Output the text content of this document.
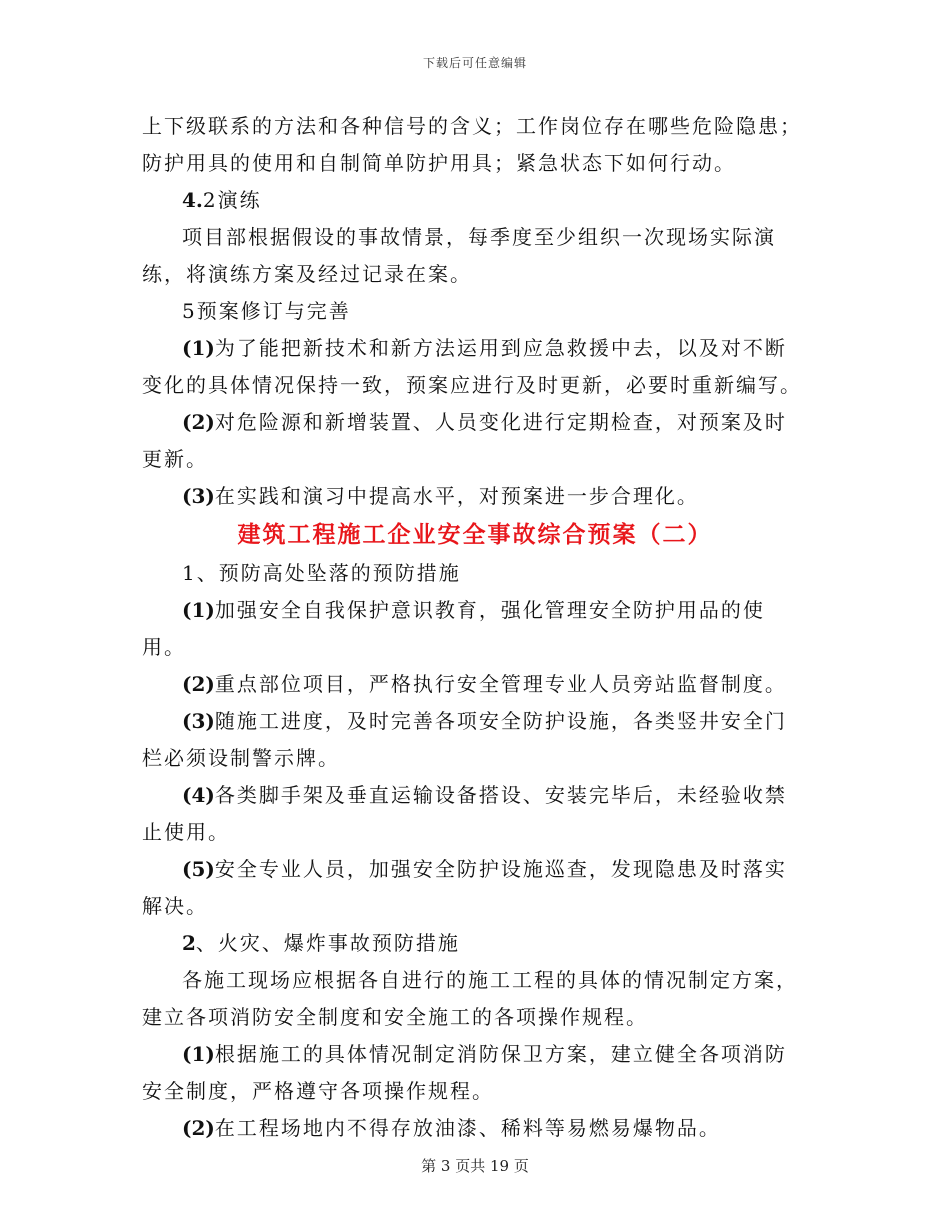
下载后可任意编辑

上下级联系的方法和各种信号的含义；工作岗位存在哪些危险隐患；防护用具的使用和自制简单防护用具；紧急状态下如何行动。

4.2演练

项目部根据假设的事故情景，每季度至少组织一次现场实际演练，将演练方案及经过记录在案。

5预案修订与完善

(1)为了能把新技术和新方法运用到应急救援中去，以及对不断变化的具体情况保持一致，预案应进行及时更新，必要时重新编写。

(2)对危险源和新增装置、人员变化进行定期检查，对预案及时更新。

(3)在实践和演习中提高水平，对预案进一步合理化。

建筑工程施工企业安全事故综合预案（二）

1、预防高处坠落的预防措施

(1)加强安全自我保护意识教育，强化管理安全防护用品的使用。

(2)重点部位项目，严格执行安全管理专业人员旁站监督制度。

(3)随施工进度，及时完善各项安全防护设施，各类竖井安全门栏必须设制警示牌。

(4)各类脚手架及垂直运输设备搭设、安装完毕后，未经验收禁止使用。

(5)安全专业人员，加强安全防护设施巡查，发现隐患及时落实解决。

2、火灾、爆炸事故预防措施

各施工现场应根据各自进行的施工工程的具体的情况制定方案，建立各项消防安全制度和安全施工的各项操作规程。

(1)根据施工的具体情况制定消防保卫方案，建立健全各项消防安全制度，严格遵守各项操作规程。

(2)在工程场地内不得存放油漆、稀料等易燃易爆物品。

第 3 页共 19 页
